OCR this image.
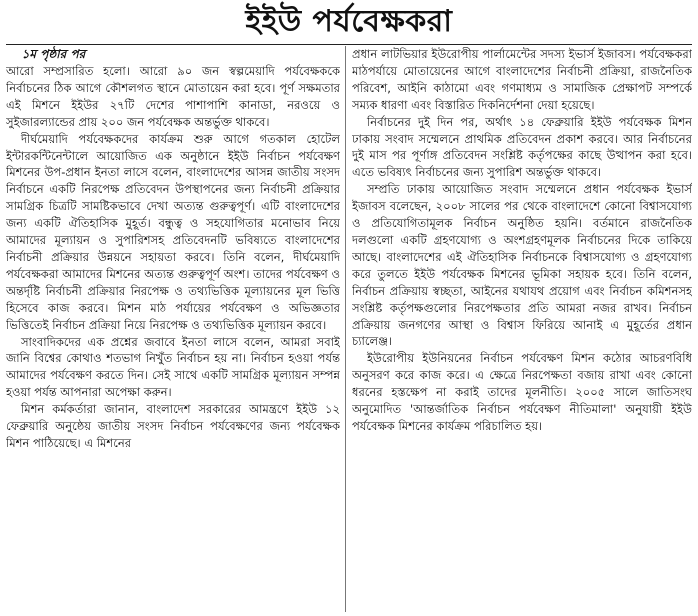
ইইউ পর্যবেক্ষকরা

১ম পৃষ্ঠার পর

আরো সম্প্রসারিত হলো। আরো ৯০ জন স্বল্পমেয়াদি পর্যবেক্ষককে নির্বাচনের ঠিক আগে কৌশলগত স্থানে মোতায়েন করা হবে। পূর্ণ সক্ষমতার এই মিশনে ইইউর ২৭টি দেশের পাশাপাশি কানাডা, নরওয়ে ও সুইজারল্যান্ডের প্রায় ২০০ জন পর্যবেক্ষক অন্তর্ভুক্ত থাকবে।

দীর্ঘমেয়াদি পর্যবেক্ষকদের কার্যক্রম শুরু আগে গতকাল হোটেল ইন্টারকন্টিনেন্টালে আয়োজিত এক অনুষ্ঠানে ইইউ নির্বাচন পর্যবেক্ষণ মিশনের উপ-প্রধান ইনতা লাসে বলেন, বাংলাদেশের আসন্ন জাতীয় সংসদ নির্বাচনে একটি নিরপেক্ষ প্রতিবেদন উপস্থাপনের জন্য নির্বাচনী প্রক্রিয়ার সামগ্রিক চিত্রটি সামষ্টিকভাবে দেখা অত্যন্ত গুরুত্বপূর্ণ। এটি বাংলাদেশের জন্য একটি ঐতিহাসিক মুহূর্ত। বন্ধুত্ব ও সহযোগিতার মনোভাব নিয়ে আমাদের মূল্যায়ন ও সুপারিশসহ প্রতিবেদনটি ভবিষ্যতে বাংলাদেশের নির্বাচনী প্রক্রিয়ার উন্নয়নে সহায়তা করবে। তিনি বলেন, দীর্ঘমেয়াদি পর্যবেক্ষকরা আমাদের মিশনের অত্যন্ত গুরুত্বপূর্ণ অংশ। তাদের পর্যবেক্ষণ ও অন্তর্দৃষ্টি নির্বাচনী প্রক্রিয়ার নিরপেক্ষ ও তথ্যভিত্তিক মূল্যায়নের মূল ভিত্তি হিসেবে কাজ করবে। মিশন মাঠ পর্যায়ের পর্যবেক্ষণ ও অভিজ্ঞতার ভিত্তিতেই নির্বাচন প্রক্রিয়া নিয়ে নিরপেক্ষ ও তথ্যভিত্তিক মূল্যায়ন করবে।

সাংবাদিকদের এক প্রশ্নের জবাবে ইনতা লাসে বলেন, আমরা সবাই জানি বিশ্বের কোথাও শতভাগ নিখুঁত নির্বাচন হয় না। নির্বাচন হওয়া পর্যন্ত আমাদের পর্যবেক্ষণ করতে দিন। সেই সাথে একটি সামগ্রিক মূল্যায়ন সম্পন্ন হওয়া পর্যন্ত আপনারা অপেক্ষা করুন।

মিশন কর্মকর্তারা জানান, বাংলাদেশ সরকারের আমন্ত্রণে ইইউ ১২ ফেব্রুয়ারি অনুষ্ঠেয় জাতীয় সংসদ নির্বাচন পর্যবেক্ষণের জন্য পর্যবেক্ষক মিশন পাঠিয়েছে। এ মিশনের

প্রধান লাটভিয়ার ইউরোপীয় পার্লামেন্টের সদস্য ইভার্স ইজাবস। পর্যবেক্ষকরা মাঠপর্যায়ে মোতায়েনের আগে বাংলাদেশের নির্বাচনী প্রক্রিয়া, রাজনৈতিক পরিবেশ, আইনি কাঠামো এবং গণমাধ্যম ও সামাজিক প্রেক্ষাপট সম্পর্কে সম্যক ধারণা এবং বিস্তারিত দিকনির্দেশনা দেয়া হয়েছে।

নির্বাচনের দুই দিন পর, অর্থাৎ ১৪ ফেব্রুয়ারি ইইউ পর্যবেক্ষক মিশন ঢাকায় সংবাদ সম্মেলনে প্রাথমিক প্রতিবেদন প্রকাশ করবে। আর নির্বাচনের দুই মাস পর পূর্ণাঙ্গ প্রতিবেদন সংশ্লিষ্ট কর্তৃপক্ষের কাছে উত্থাপন করা হবে। এতে ভবিষ্যৎ নির্বাচনের জন্য সুপারিশ অন্তর্ভুক্ত থাকবে।

সম্প্রতি ঢাকায় আয়োজিত সংবাদ সম্মেলনে প্রধান পর্যবেক্ষক ইভার্স ইজাবস বলেছেন, ২০০৮ সালের পর থেকে বাংলাদেশে কোনো বিশ্বাসযোগ্য ও প্রতিযোগিতামূলক নির্বাচন অনুষ্ঠিত হয়নি। বর্তমানে রাজনৈতিক দলগুলো একটি গ্রহণযোগ্য ও অংশগ্রহণমূলক নির্বাচনের দিকে তাকিয়ে আছে। বাংলাদেশের এই ঐতিহাসিক নির্বাচনকে বিশ্বাসযোগ্য ও গ্রহণযোগ্য করে তুলতে ইইউ পর্যবেক্ষক মিশনের ভূমিকা সহায়ক হবে। তিনি বলেন, নির্বাচন প্রক্রিয়ায় স্বচ্ছতা, আইনের যথাযথ প্রয়োগ এবং নির্বাচন কমিশনসহ সংশ্লিষ্ট কর্তৃপক্ষগুলোর নিরপেক্ষতার প্রতি আমরা নজর রাখব। নির্বাচন প্রক্রিয়ায় জনগণের আস্থা ও বিশ্বাস ফিরিয়ে আনাই এ মুহূর্তের প্রধান চ্যালেঞ্জ।

ইউরোপীয় ইউনিয়নের নির্বাচন পর্যবেক্ষণ মিশন কঠোর আচরণবিধি অনুসরণ করে কাজ করে। এ ক্ষেত্রে নিরপেক্ষতা বজায় রাখা এবং কোনো ধরনের হস্তক্ষেপ না করাই তাদের মূলনীতি। ২০০৫ সালে জাতিসংঘ অনুমোদিত 'আন্তর্জাতিক নির্বাচন পর্যবেক্ষণ নীতিমালা' অনুযায়ী ইইউ পর্যবেক্ষক মিশনের কার্যক্রম পরিচালিত হয়।
